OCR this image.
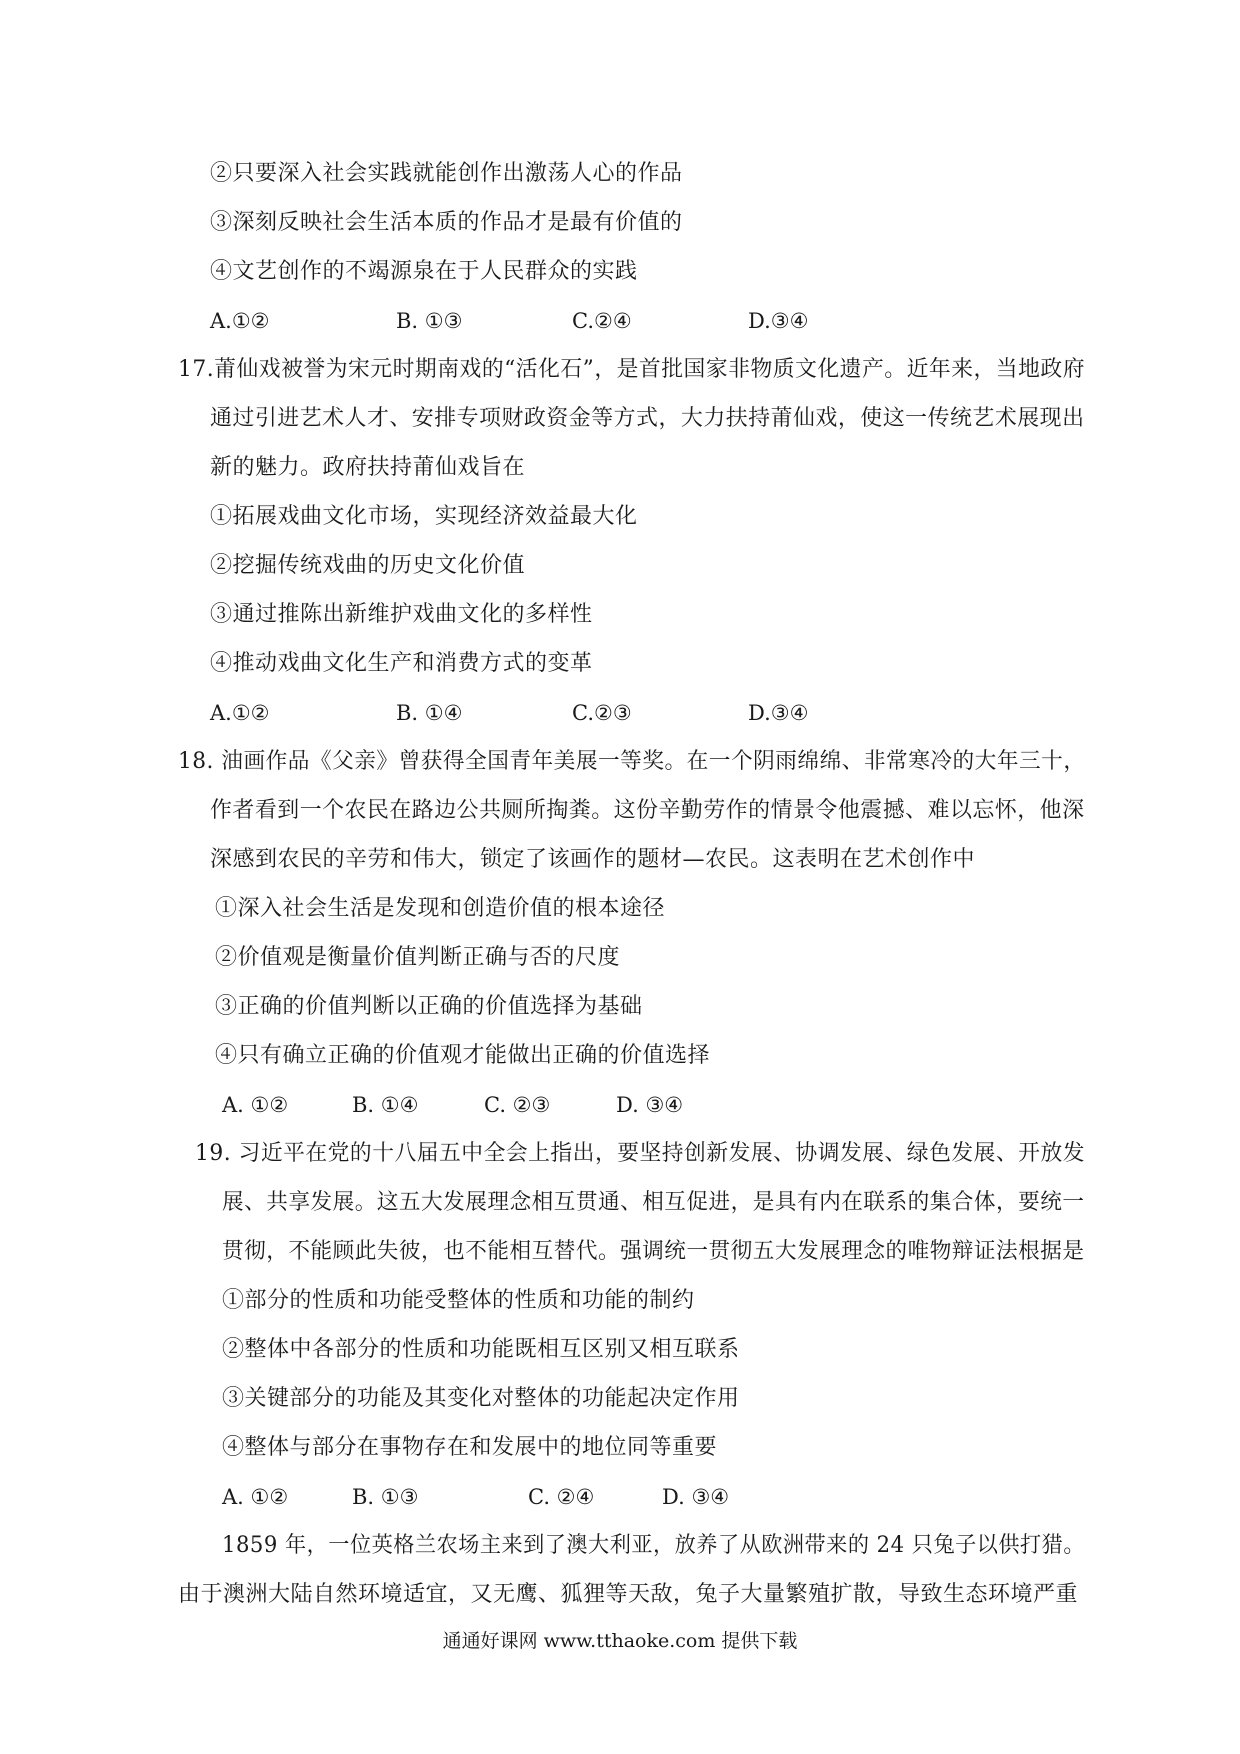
②只要深入社会实践就能创作出激荡人心的作品
③深刻反映社会生活本质的作品才是最有价值的
④文艺创作的不竭源泉在于人民群众的实践
A.①②	B. ①③	C.②④	D.③④
17.莆仙戏被誉为宋元时期南戏的“活化石”，是首批国家非物质文化遗产。近年来，当地政府
通过引进艺术人才、安排专项财政资金等方式，大力扶持莆仙戏，使这一传统艺术展现出
新的魅力。政府扶持莆仙戏旨在
①拓展戏曲文化市场，实现经济效益最大化
②挖掘传统戏曲的历史文化价值
③通过推陈出新维护戏曲文化的多样性
④推动戏曲文化生产和消费方式的变革
A.①②	B. ①④	C.②③	D.③④
18. 油画作品《父亲》曾获得全国青年美展一等奖。在一个阴雨绵绵、非常寒冷的大年三十，
作者看到一个农民在路边公共厕所掏粪。这份辛勤劳作的情景令他震撼、难以忘怀，他深
深感到农民的辛劳和伟大，锁定了该画作的题材—农民。这表明在艺术创作中
①深入社会生活是发现和创造价值的根本途径
②价值观是衡量价值判断正确与否的尺度
③正确的价值判断以正确的价值选择为基础
④只有确立正确的价值观才能做出正确的价值选择
A. ①②	B. ①④	C. ②③	D. ③④
19. 习近平在党的十八届五中全会上指出，要坚持创新发展、协调发展、绿色发展、开放发
展、共享发展。这五大发展理念相互贯通、相互促进，是具有内在联系的集合体，要统一
贯彻，不能顾此失彼，也不能相互替代。强调统一贯彻五大发展理念的唯物辩证法根据是
①部分的性质和功能受整体的性质和功能的制约
②整体中各部分的性质和功能既相互区别又相互联系
③关键部分的功能及其变化对整体的功能起决定作用
④整体与部分在事物存在和发展中的地位同等重要
A. ①②	B. ①③	C. ②④	D. ③④
1859 年，一位英格兰农场主来到了澳大利亚，放养了从欧洲带来的 24 只兔子以供打猎。
由于澳洲大陆自然环境适宜，又无鹰、狐狸等天敌，兔子大量繁殖扩散，导致生态环境严重
通通好课网 www.tthaoke.com 提供下载
